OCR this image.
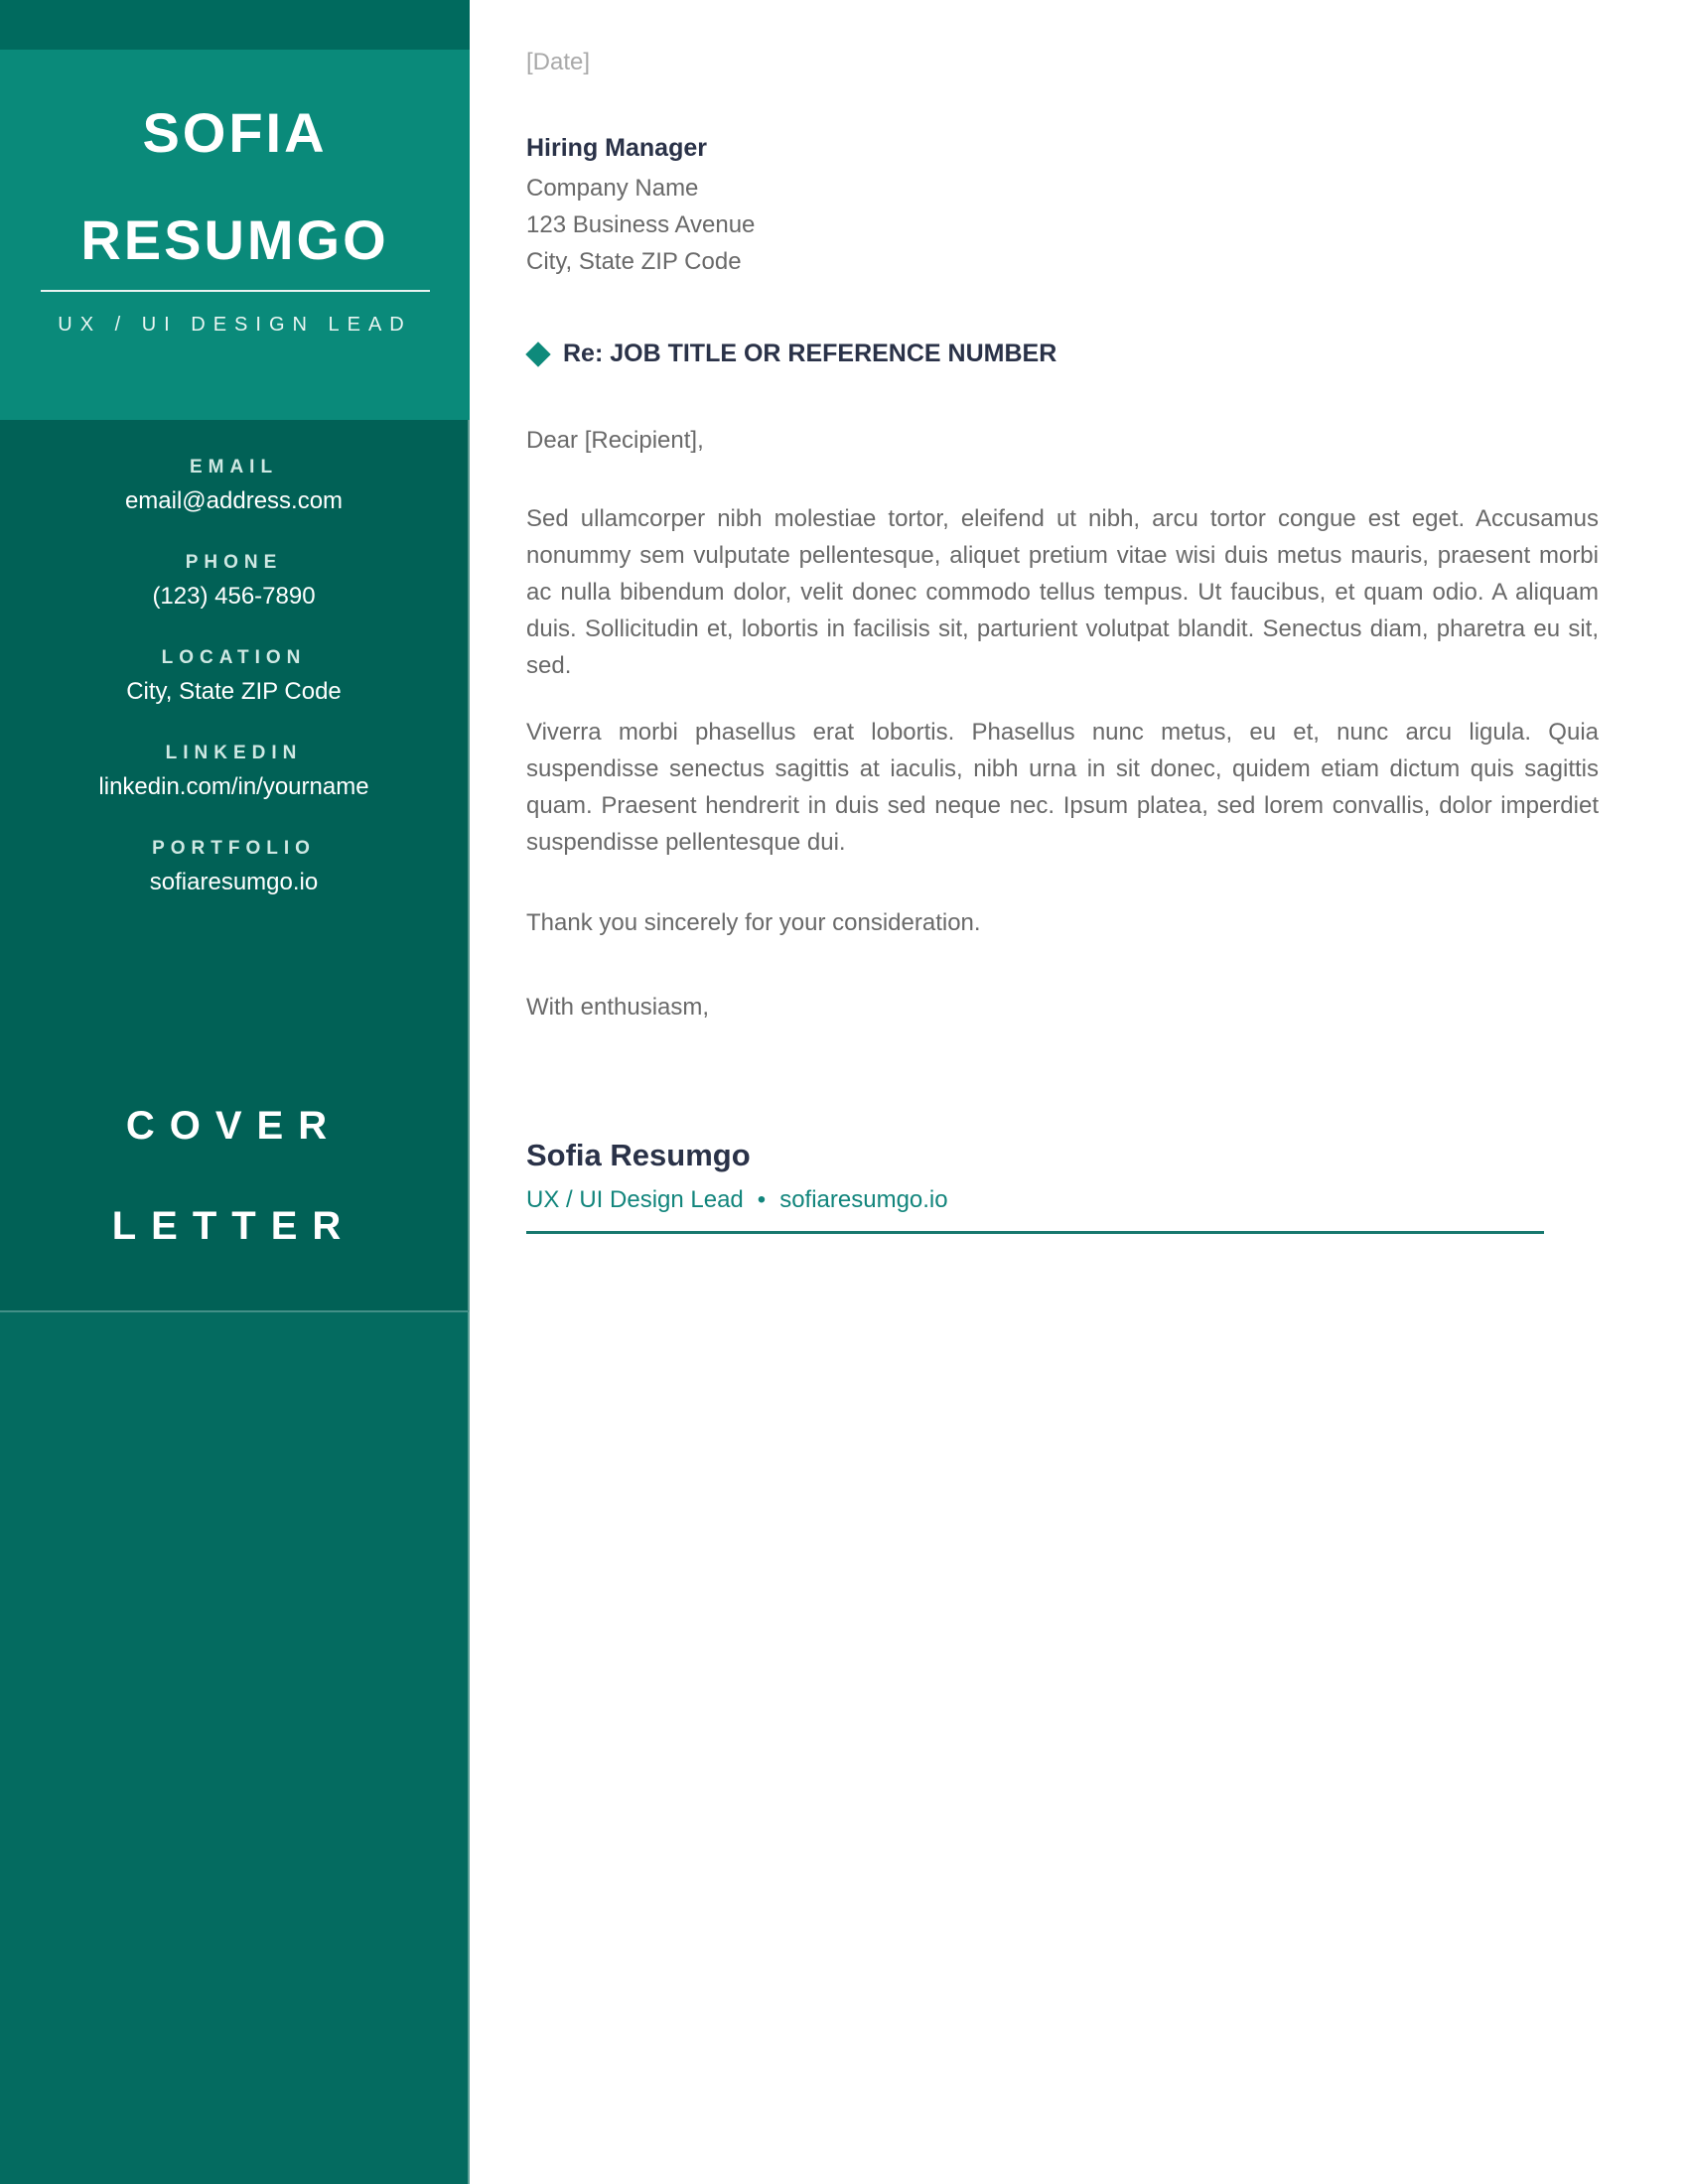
SOFIA
RESUMGO
UX / UI DESIGN LEAD
EMAIL
email@address.com
PHONE
(123) 456-7890
LOCATION
City, State ZIP Code
LINKEDIN
linkedin.com/in/yourname
PORTFOLIO
sofiaresumgo.io
COVER
LETTER
[Date]
Hiring Manager
Company Name
123 Business Avenue
City, State ZIP Code
Re: JOB TITLE OR REFERENCE NUMBER
Dear [Recipient],

Sed ullamcorper nibh molestiae tortor, eleifend ut nibh, arcu tortor congue est eget. Accusamus nonummy sem vulputate pellentesque, aliquet pretium vitae wisi duis metus mauris, praesent morbi ac nulla bibendum dolor, velit donec commodo tellus tempus. Ut faucibus, et quam odio. A aliquam duis. Sollicitudin et, lobortis in facilisis sit, parturient volutpat blandit. Senectus diam, pharetra eu sit, sed.

Viverra morbi phasellus erat lobortis. Phasellus nunc metus, eu et, nunc arcu ligula. Quia suspendisse senectus sagittis at iaculis, nibh urna in sit donec, quidem etiam dictum quis sagittis quam. Praesent hendrerit in duis sed neque nec. Ipsum platea, sed lorem convallis, dolor imperdiet suspendisse pellentesque dui.

Thank you sincerely for your consideration.
With enthusiasm,
Sofia Resumgo
UX / UI Design Lead • sofiaresumgo.io
